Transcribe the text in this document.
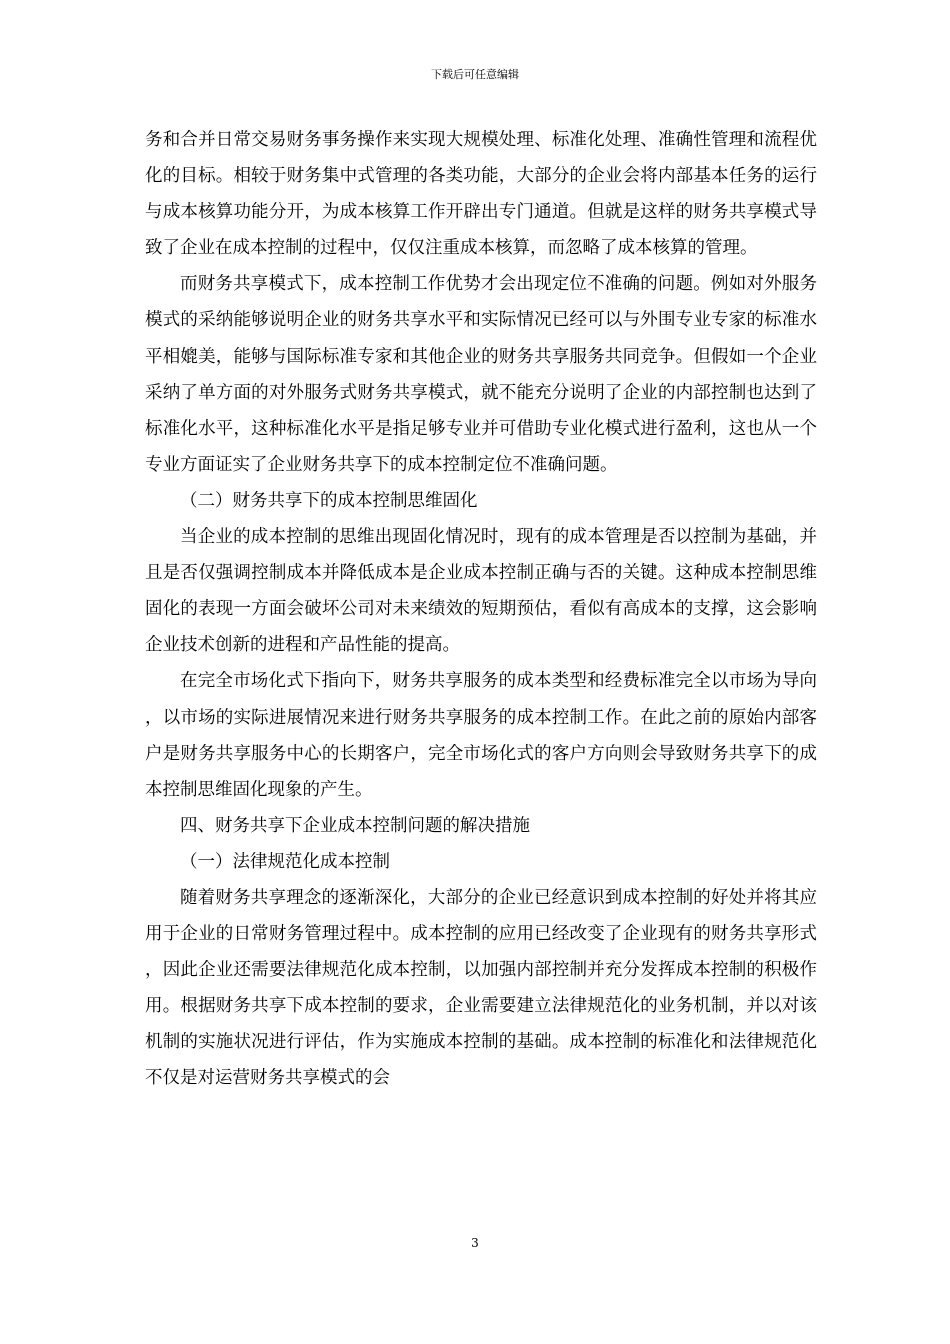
下载后可任意编辑

务和合并日常交易财务事务操作来实现大规模处理、标准化处理、准确性管理和流程优化的目标。相较于财务集中式管理的各类功能，大部分的企业会将内部基本任务的运行与成本核算功能分开，为成本核算工作开辟出专门通道。但就是这样的财务共享模式导致了企业在成本控制的过程中，仅仅注重成本核算，而忽略了成本核算的管理。

而财务共享模式下，成本控制工作优势才会出现定位不准确的问题。例如对外服务模式的采纳能够说明企业的财务共享水平和实际情况已经可以与外围专业专家的标准水平相媲美，能够与国际标准专家和其他企业的财务共享服务共同竞争。但假如一个企业采纳了单方面的对外服务式财务共享模式，就不能充分说明了企业的内部控制也达到了标准化水平，这种标准化水平是指足够专业并可借助专业化模式进行盈利，这也从一个专业方面证实了企业财务共享下的成本控制定位不准确问题。

（二）财务共享下的成本控制思维固化

当企业的成本控制的思维出现固化情况时，现有的成本管理是否以控制为基础，并且是否仅强调控制成本并降低成本是企业成本控制正确与否的关键。这种成本控制思维固化的表现一方面会破坏公司对未来绩效的短期预估，看似有高成本的支撑，这会影响企业技术创新的进程和产品性能的提高。

在完全市场化式下指向下，财务共享服务的成本类型和经费标准完全以市场为导向，以市场的实际进展情况来进行财务共享服务的成本控制工作。在此之前的原始内部客户是财务共享服务中心的长期客户，完全市场化式的客户方向则会导致财务共享下的成本控制思维固化现象的产生。

四、财务共享下企业成本控制问题的解决措施

（一）法律规范化成本控制

随着财务共享理念的逐渐深化，大部分的企业已经意识到成本控制的好处并将其应用于企业的日常财务管理过程中。成本控制的应用已经改变了企业现有的财务共享形式，因此企业还需要法律规范化成本控制，以加强内部控制并充分发挥成本控制的积极作用。根据财务共享下成本控制的要求，企业需要建立法律规范化的业务机制，并以对该机制的实施状况进行评估，作为实施成本控制的基础。成本控制的标准化和法律规范化不仅是对运营财务共享模式的会

3
